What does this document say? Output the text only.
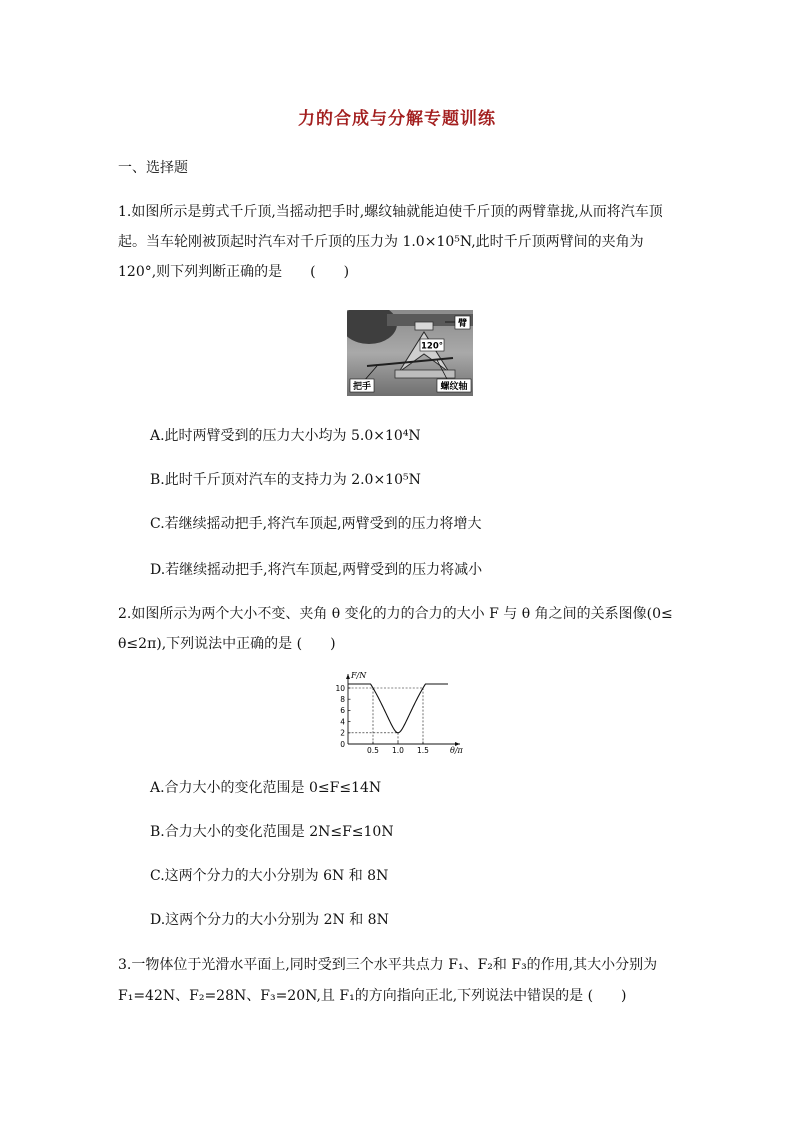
力的合成与分解专题训练
一、选择题
1.如图所示是剪式千斤顶,当摇动把手时,螺纹轴就能迫使千斤顶的两臂靠拢,从而将汽车顶
起。当车轮刚被顶起时汽车对千斤顶的压力为 1.0×10⁵N,此时千斤顶两臂间的夹角为
120°,则下列判断正确的是　　(　　)
臂
120°
把手	螺纹轴
A.此时两臂受到的压力大小均为 5.0×10⁴N
B.此时千斤顶对汽车的支持力为 2.0×10⁵N
C.若继续摇动把手,将汽车顶起,两臂受到的压力将增大
D.若继续摇动把手,将汽车顶起,两臂受到的压力将减小
2.如图所示为两个大小不变、夹角 θ 变化的力的合力的大小 F 与 θ 角之间的关系图像(0≤
θ≤2π),下列说法中正确的是 (　　)
10
8
6
4
2
0
0.5 1.0 1.5
F/N
θ/π
A.合力大小的变化范围是 0≤F≤14N
B.合力大小的变化范围是 2N≤F≤10N
C.这两个分力的大小分别为 6N 和 8N
D.这两个分力的大小分别为 2N 和 8N
3.一物体位于光滑水平面上,同时受到三个水平共点力 F₁、F₂和 F₃的作用,其大小分别为
F₁=42N、F₂=28N、F₃=20N,且 F₁的方向指向正北,下列说法中错误的是 (　　)
